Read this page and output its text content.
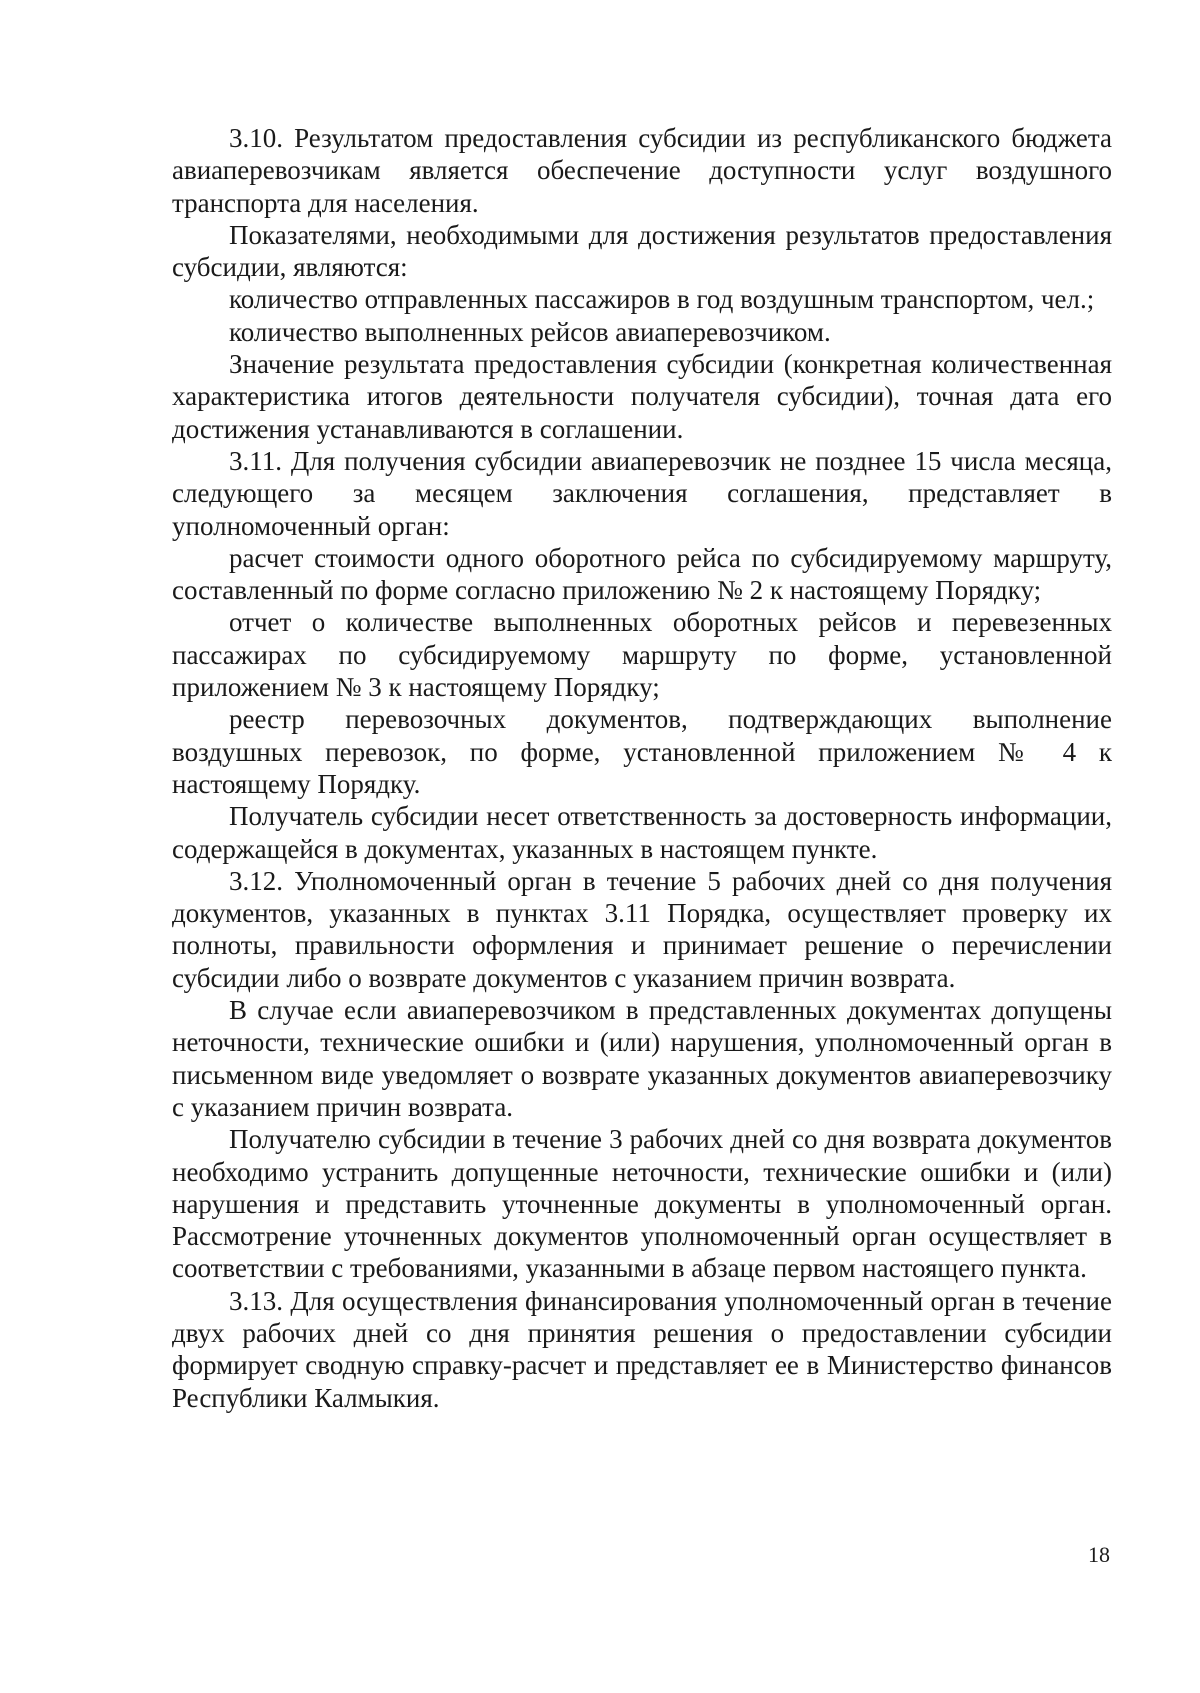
3.10. Результатом предоставления субсидии из республиканского бюджета авиаперевозчикам является обеспечение доступности услуг воздушного транспорта для населения.

Показателями, необходимыми для достижения результатов предоставления субсидии, являются:

количество отправленных пассажиров в год воздушным транспортом, чел.;

количество выполненных рейсов авиаперевозчиком.

Значение результата предоставления субсидии (конкретная количественная характеристика итогов деятельности получателя субсидии), точная дата его достижения устанавливаются в соглашении.

3.11. Для получения субсидии авиаперевозчик не позднее 15 числа месяца, следующего за месяцем заключения соглашения, представляет в уполномоченный орган:

расчет стоимости одного оборотного рейса по субсидируемому маршруту, составленный по форме согласно приложению № 2 к настоящему Порядку;

отчет о количестве выполненных оборотных рейсов и перевезенных пассажирах по субсидируемому маршруту по форме, установленной приложением № 3 к настоящему Порядку;

реестр перевозочных документов, подтверждающих выполнение воздушных перевозок, по форме, установленной приложением № 4 к настоящему Порядку.

Получатель субсидии несет ответственность за достоверность информации, содержащейся в документах, указанных в настоящем пункте.

3.12. Уполномоченный орган в течение 5 рабочих дней со дня получения документов, указанных в пунктах 3.11 Порядка, осуществляет проверку их полноты, правильности оформления и принимает решение о перечислении субсидии либо о возврате документов с указанием причин возврата.

В случае если авиаперевозчиком в представленных документах допущены неточности, технические ошибки и (или) нарушения, уполномоченный орган в письменном виде уведомляет о возврате указанных документов авиаперевозчику с указанием причин возврата.

Получателю субсидии в течение 3 рабочих дней со дня возврата документов необходимо устранить допущенные неточности, технические ошибки и (или) нарушения и представить уточненные документы в уполномоченный орган. Рассмотрение уточненных документов уполномоченный орган осуществляет в соответствии с требованиями, указанными в абзаце первом настоящего пункта.

3.13. Для осуществления финансирования уполномоченный орган в течение двух рабочих дней со дня принятия решения о предоставлении субсидии формирует сводную справку-расчет и представляет ее в Министерство финансов Республики Калмыкия.

18
